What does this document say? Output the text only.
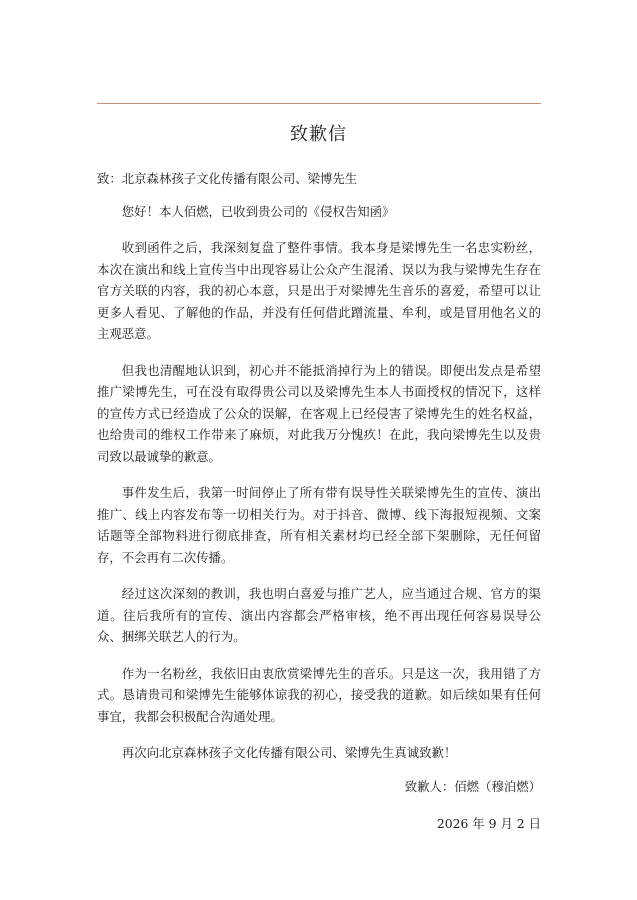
致歉信

致：北京森林孩子文化传播有限公司、梁博先生

您好！本人佰燃，已收到贵公司的《侵权告知函》

收到函件之后，我深刻复盘了整件事情。我本身是梁博先生一名忠实粉丝，本次在演出和线上宣传当中出现容易让公众产生混淆、误以为我与梁博先生存在官方关联的内容，我的初心本意，只是出于对梁博先生音乐的喜爱，希望可以让更多人看见、了解他的作品，并没有任何借此蹭流量、牟利，或是冒用他名义的主观恶意。

但我也清醒地认识到，初心并不能抵消掉行为上的错误。即便出发点是希望推广梁博先生，可在没有取得贵公司以及梁博先生本人书面授权的情况下，这样的宣传方式已经造成了公众的误解，在客观上已经侵害了梁博先生的姓名权益，也给贵司的维权工作带来了麻烦，对此我万分愧疚！在此，我向梁博先生以及贵司致以最诚挚的歉意。

事件发生后，我第一时间停止了所有带有误导性关联梁博先生的宣传、演出推广、线上内容发布等一切相关行为。对于抖音、微博、线下海报短视频、文案话题等全部物料进行彻底排查，所有相关素材均已经全部下架删除，无任何留存，不会再有二次传播。

经过这次深刻的教训，我也明白喜爱与推广艺人，应当通过合规、官方的渠道。往后我所有的宣传、演出内容都会严格审核，绝不再出现任何容易误导公众、捆绑关联艺人的行为。

作为一名粉丝，我依旧由衷欣赏梁博先生的音乐。只是这一次，我用错了方式。恳请贵司和梁博先生能够体谅我的初心，接受我的道歉。如后续如果有任何事宜，我都会积极配合沟通处理。

再次向北京森林孩子文化传播有限公司、梁博先生真诚致歉！

致歉人：佰燃（穆泊燃）

2026 年 9 月 2 日
